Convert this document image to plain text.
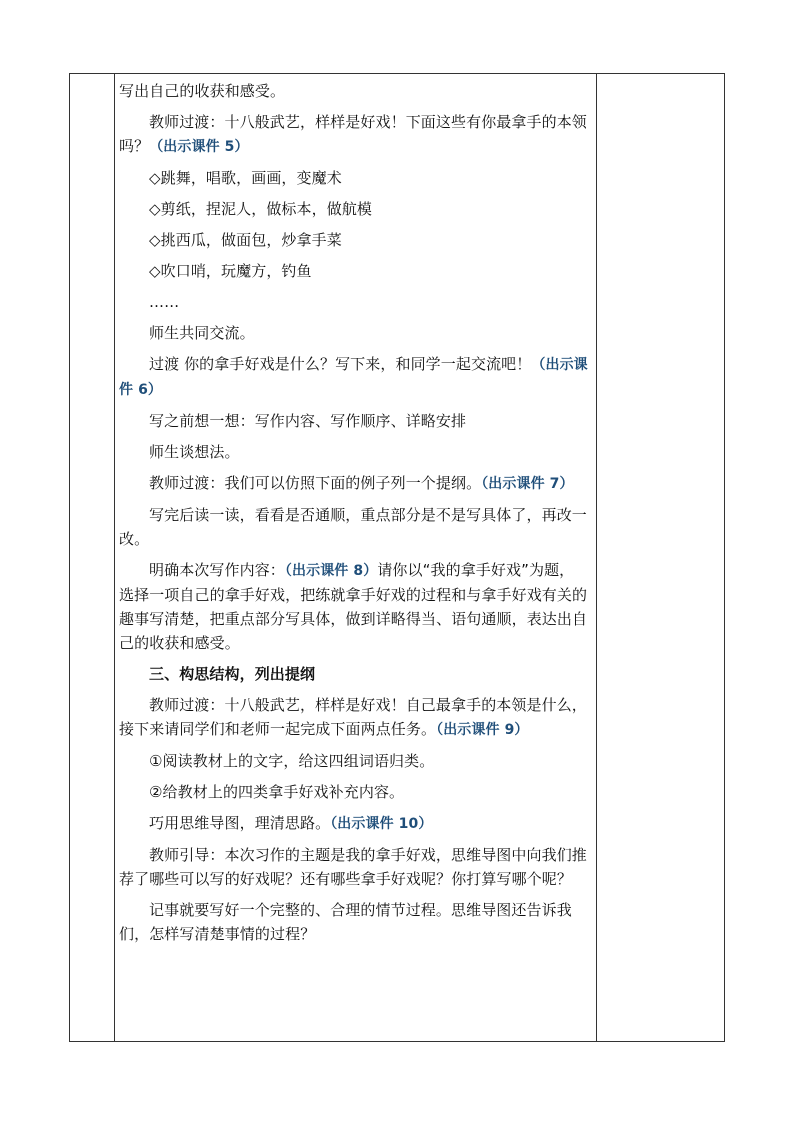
写出自己的收获和感受。

教师过渡：十八般武艺，样样是好戏！下面这些有你最拿手的本领吗？（出示课件 5）

◇跳舞，唱歌，画画，变魔术

◇剪纸，捏泥人，做标本，做航模

◇挑西瓜，做面包，炒拿手菜

◇吹口哨，玩魔方，钓鱼

……

师生共同交流。

过渡 你的拿手好戏是什么？写下来，和同学一起交流吧！（出示课件 6）

写之前想一想：写作内容、写作顺序、详略安排

师生谈想法。

教师过渡：我们可以仿照下面的例子列一个提纲。（出示课件 7）

写完后读一读，看看是否通顺，重点部分是不是写具体了，再改一改。

明确本次写作内容：（出示课件 8）请你以“我的拿手好戏”为题，选择一项自己的拿手好戏，把练就拿手好戏的过程和与拿手好戏有关的趣事写清楚，把重点部分写具体，做到详略得当、语句通顺，表达出自己的收获和感受。

三、构思结构，列出提纲

教师过渡：十八般武艺，样样是好戏！自己最拿手的本领是什么，接下来请同学们和老师一起完成下面两点任务。（出示课件 9）

①阅读教材上的文字，给这四组词语归类。

②给教材上的四类拿手好戏补充内容。

巧用思维导图，理清思路。（出示课件 10）

教师引导：本次习作的主题是我的拿手好戏，思维导图中向我们推荐了哪些可以写的好戏呢？还有哪些拿手好戏呢？你打算写哪个呢？

记事就要写好一个完整的、合理的情节过程。思维导图还告诉我们，怎样写清楚事情的过程？
